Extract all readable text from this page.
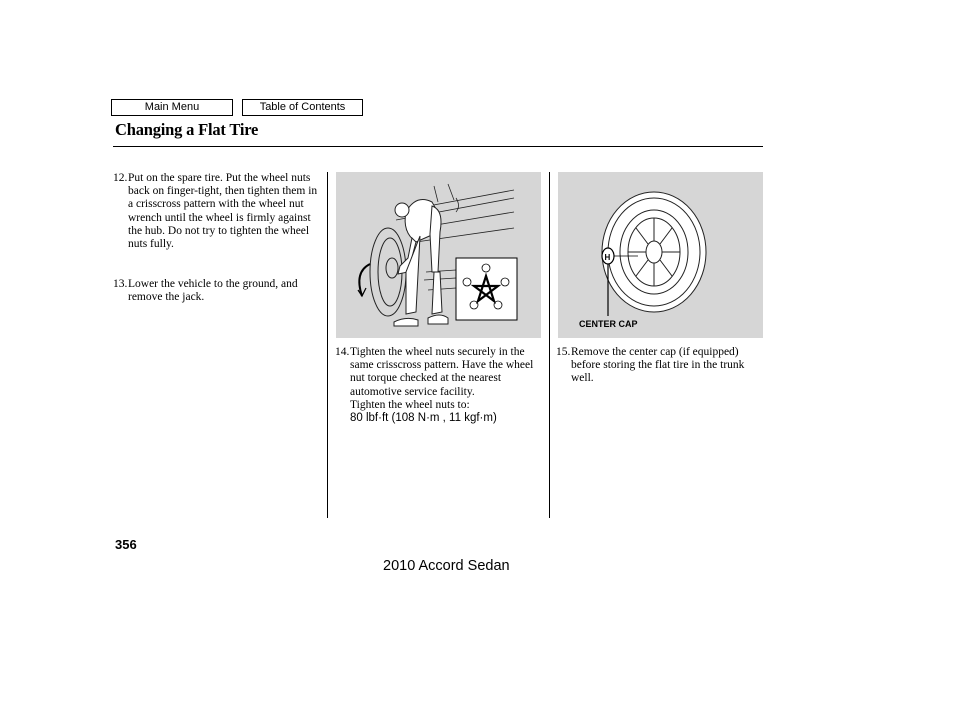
Main Menu	Table of Contents
Changing a Flat Tire
12. Put on the spare tire. Put the wheel nuts back on finger-tight, then tighten them in a crisscross pattern with the wheel nut wrench until the wheel is firmly against the hub. Do not try to tighten the wheel nuts fully.
13. Lower the vehicle to the ground, and remove the jack.
14. Tighten the wheel nuts securely in the same crisscross pattern. Have the wheel nut torque checked at the nearest automotive service facility.
Tighten the wheel nuts to:
80 lbf·ft (108 N·m , 11 kgf·m)
H
CENTER CAP
15. Remove the center cap (if equipped) before storing the flat tire in the trunk well.
356
2010 Accord Sedan
